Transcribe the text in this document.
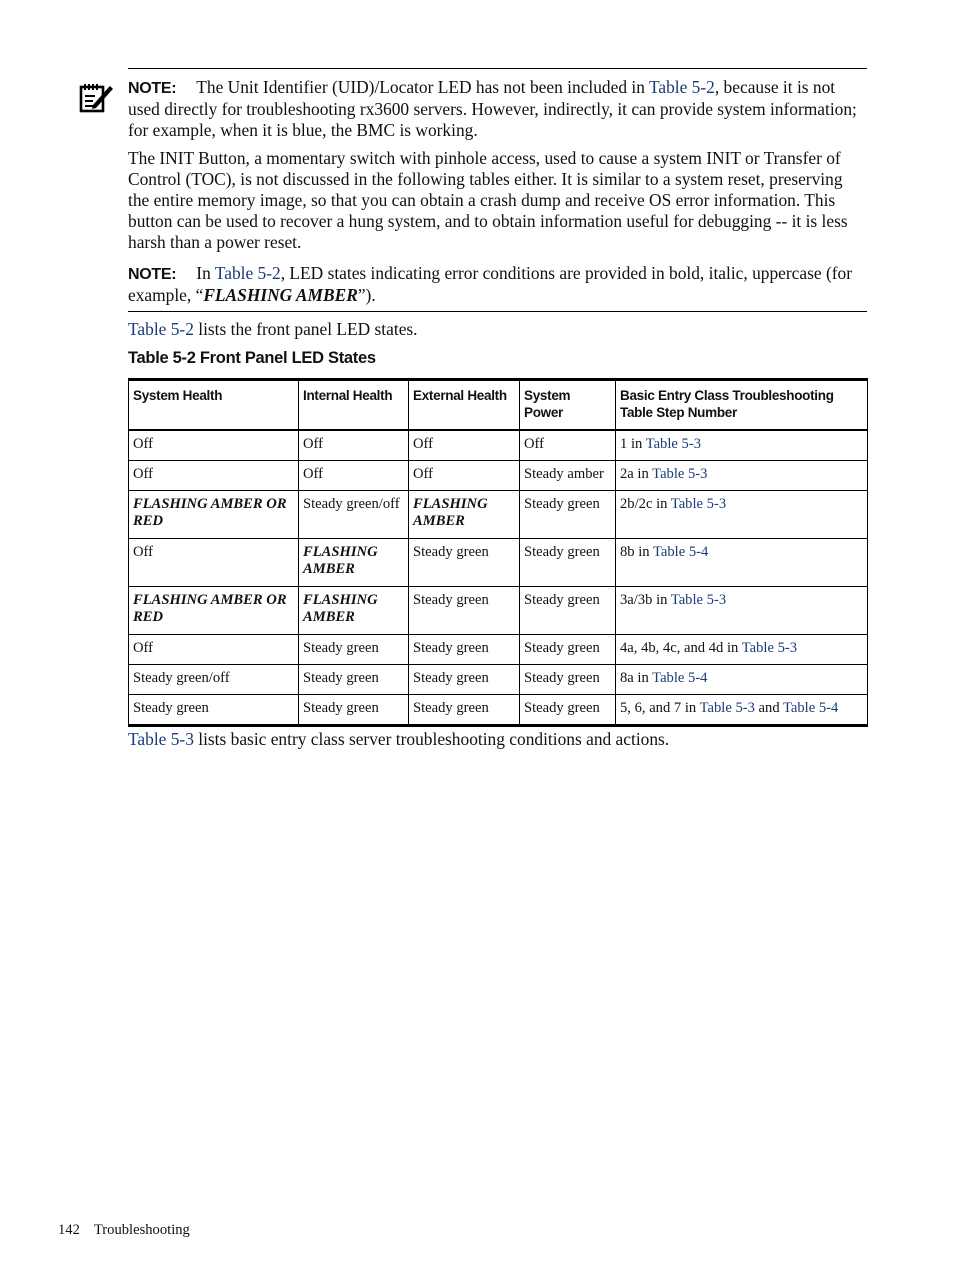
NOTE: The Unit Identifier (UID)/Locator LED has not been included in Table 5-2, because it is not used directly for troubleshooting rx3600 servers. However, indirectly, it can provide system information; for example, when it is blue, the BMC is working.
The INIT Button, a momentary switch with pinhole access, used to cause a system INIT or Transfer of Control (TOC), is not discussed in the following tables either. It is similar to a system reset, preserving the entire memory image, so that you can obtain a crash dump and receive OS error information. This button can be used to recover a hung system, and to obtain information useful for debugging -- it is less harsh than a power reset.
NOTE: In Table 5-2, LED states indicating error conditions are provided in bold, italic, uppercase (for example, “FLASHING AMBER”).
Table 5-2 lists the front panel LED states.
Table 5-2 Front Panel LED States
System Health	Internal Health	External Health	System Power	Basic Entry Class Troubleshooting Table Step Number
Off	Off	Off	Off	1 in Table 5-3
Off	Off	Off	Steady amber	2a in Table 5-3
FLASHING AMBER OR RED	Steady green/off	FLASHING AMBER	Steady green	2b/2c in Table 5-3
Off	FLASHING AMBER	Steady green	Steady green	8b in Table 5-4
FLASHING AMBER OR RED	FLASHING AMBER	Steady green	Steady green	3a/3b in Table 5-3
Off	Steady green	Steady green	Steady green	4a, 4b, 4c, and 4d in Table 5-3
Steady green/off	Steady green	Steady green	Steady green	8a in Table 5-4
Steady green	Steady green	Steady green	Steady green	5, 6, and 7 in Table 5-3 and Table 5-4
Table 5-3 lists basic entry class server troubleshooting conditions and actions.
142 Troubleshooting
